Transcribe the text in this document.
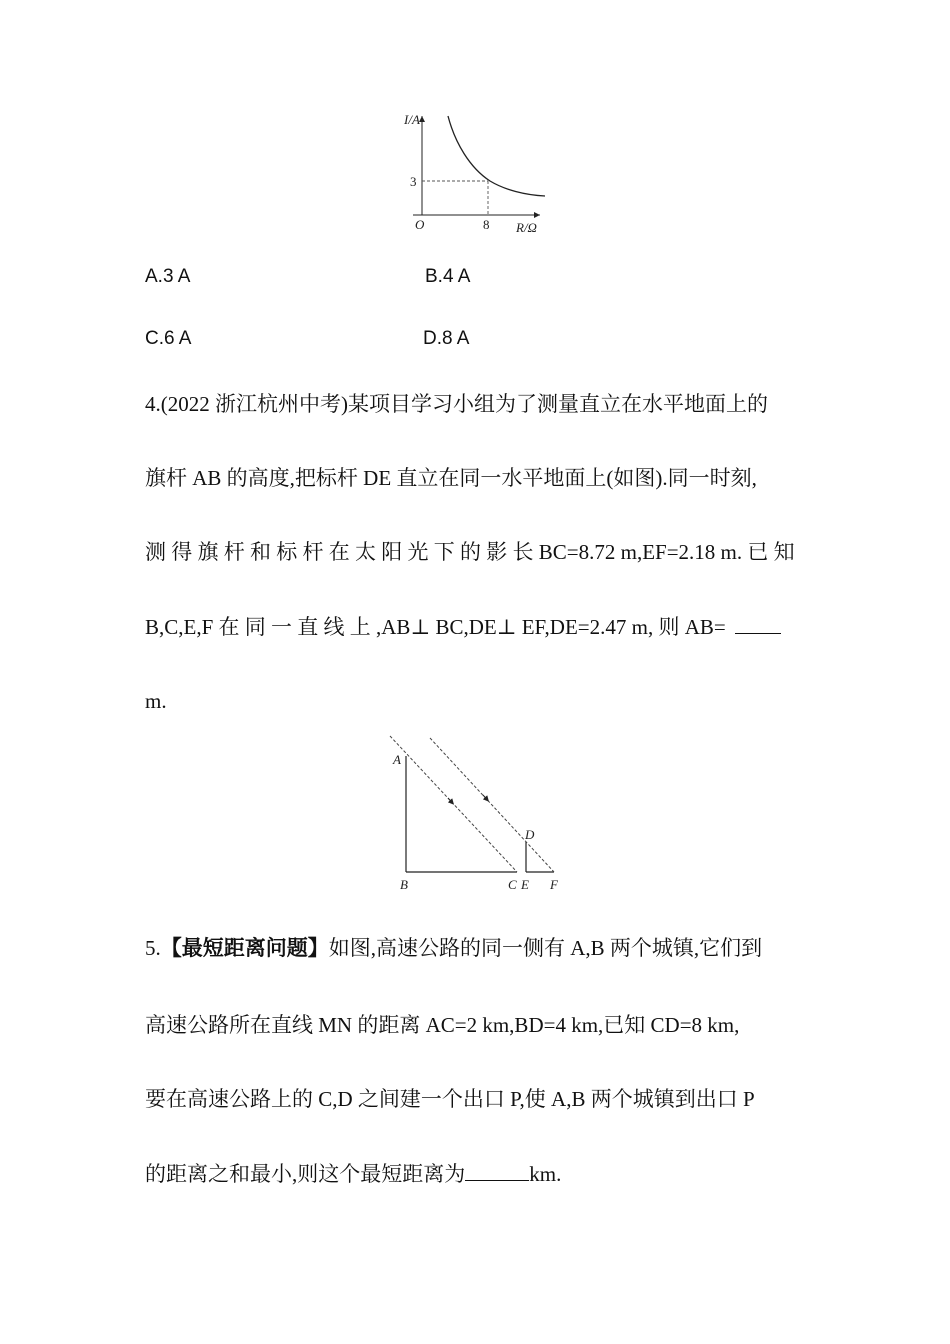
I/A
3
O	8 R/Ω
A.3 A	B.4 A
C.6 A	D.8 A
4.(2022 浙江杭州中考)某项目学习小组为了测量直立在水平地面上的
旗杆 AB 的高度,把标杆 DE 直立在同一水平地面上(如图).同一时刻,
测 得 旗 杆 和 标 杆 在 太 阳 光 下 的 影 长 BC=8.72 m,EF=2.18 m. 已 知
B,C,E,F 在 同 一 直 线 上 ,AB⊥ BC,DE⊥ EF,DE=2.47 m, 则 AB=
m.
A
B	C
D
E F
5.【最短距离问题】如图,高速公路的同一侧有 A,B 两个城镇,它们到
高速公路所在直线 MN 的距离 AC=2 km,BD=4 km,已知 CD=8 km,
要在高速公路上的 C,D 之间建一个出口 P,使 A,B 两个城镇到出口 P
的距离之和最小,则这个最短距离为	km.
